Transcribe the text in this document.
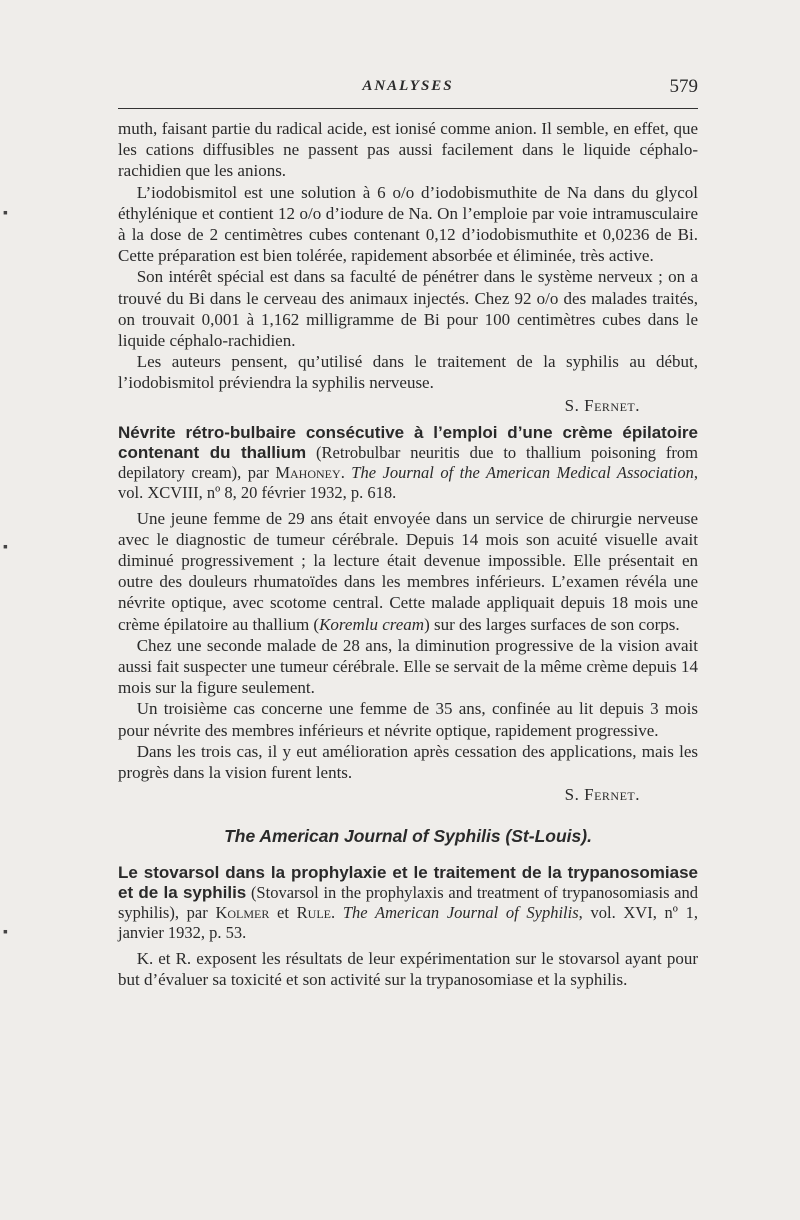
ANALYSES	579
▪
▪
▪

muth, faisant partie du radical acide, est ionisé comme anion. Il semble, en effet, que les cations diffusibles ne passent pas aussi facilement dans le liquide céphalo-rachidien que les anions.

L’iodobismitol est une solution à 6 o/o d’iodobismuthite de Na dans du glycol éthylénique et contient 12 o/o d’iodure de Na. On l’emploie par voie intramusculaire à la dose de 2 centimètres cubes contenant 0,12 d’iodobismuthite et 0,0236 de Bi. Cette préparation est bien tolérée, rapidement absorbée et éliminée, très active.

Son intérêt spécial est dans sa faculté de pénétrer dans le système nerveux ; on a trouvé du Bi dans le cerveau des animaux injectés. Chez 92 o/o des malades traités, on trouvait 0,001 à 1,162 milligramme de Bi pour 100 centimètres cubes dans le liquide céphalo-rachidien.

Les auteurs pensent, qu’utilisé dans le traitement de la syphilis au début, l’iodobismitol préviendra la syphilis nerveuse.

S. Fernet.
Névrite rétro-bulbaire consécutive à l’emploi d’une crème épilatoire contenant du thallium (Retrobulbar neuritis due to thallium poisoning from depilatory cream), par Mahoney. The Journal of the American Medical Association, vol. XCVIII, nº 8, 20 février 1932, p. 618.

Une jeune femme de 29 ans était envoyée dans un service de chirurgie nerveuse avec le diagnostic de tumeur cérébrale. Depuis 14 mois son acuité visuelle avait diminué progressivement ; la lecture était devenue impossible. Elle présentait en outre des douleurs rhumatoïdes dans les membres inférieurs. L’examen révéla une névrite optique, avec scotome central. Cette malade appliquait depuis 18 mois une crème épilatoire au thallium (Koremlu cream) sur des larges surfaces de son corps.

Chez une seconde malade de 28 ans, la diminution progressive de la vision avait aussi fait suspecter une tumeur cérébrale. Elle se servait de la même crème depuis 14 mois sur la figure seulement.

Un troisième cas concerne une femme de 35 ans, confinée au lit depuis 3 mois pour névrite des membres inférieurs et névrite optique, rapidement progressive.

Dans les trois cas, il y eut amélioration après cessation des applications, mais les progrès dans la vision furent lents.

S. Fernet.
The American Journal of Syphilis (St-Louis).
Le stovarsol dans la prophylaxie et le traitement de la trypanosomiase et de la syphilis (Stovarsol in the prophylaxis and treatment of trypanosomiasis and syphilis), par Kolmer et Rule. The American Journal of Syphilis, vol. XVI, nº 1, janvier 1932, p. 53.

K. et R. exposent les résultats de leur expérimentation sur le stovarsol ayant pour but d’évaluer sa toxicité et son activité sur la trypanosomiase et la syphilis.
